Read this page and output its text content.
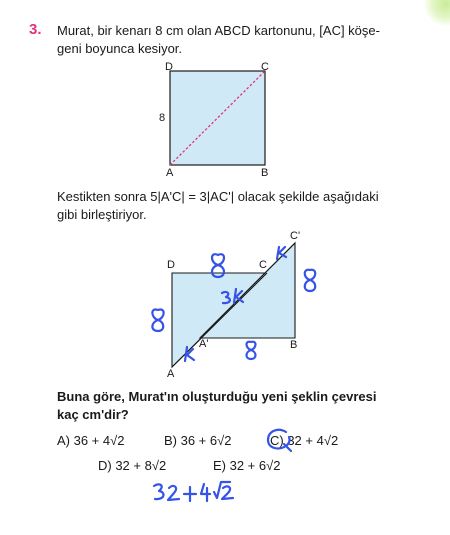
3. Murat, bir kenarı 8 cm olan ABCD kartonunu, [AC] köşe-
geni boyunca kesiyor.
D	C
A	B
8
Kestikten sonra 5|A'C| = 3|AC'| olacak şekilde aşağıdaki
gibi birleştiriyor.
D	C
C'
A'	B
A
Buna göre, Murat'ın oluşturduğu yeni şeklin çevresi
kaç cm'dir?
A) 36 + 4√2	B) 36 + 6√2	C) 32 + 4√2
D) 32 + 8√2	E) 32 + 6√2
